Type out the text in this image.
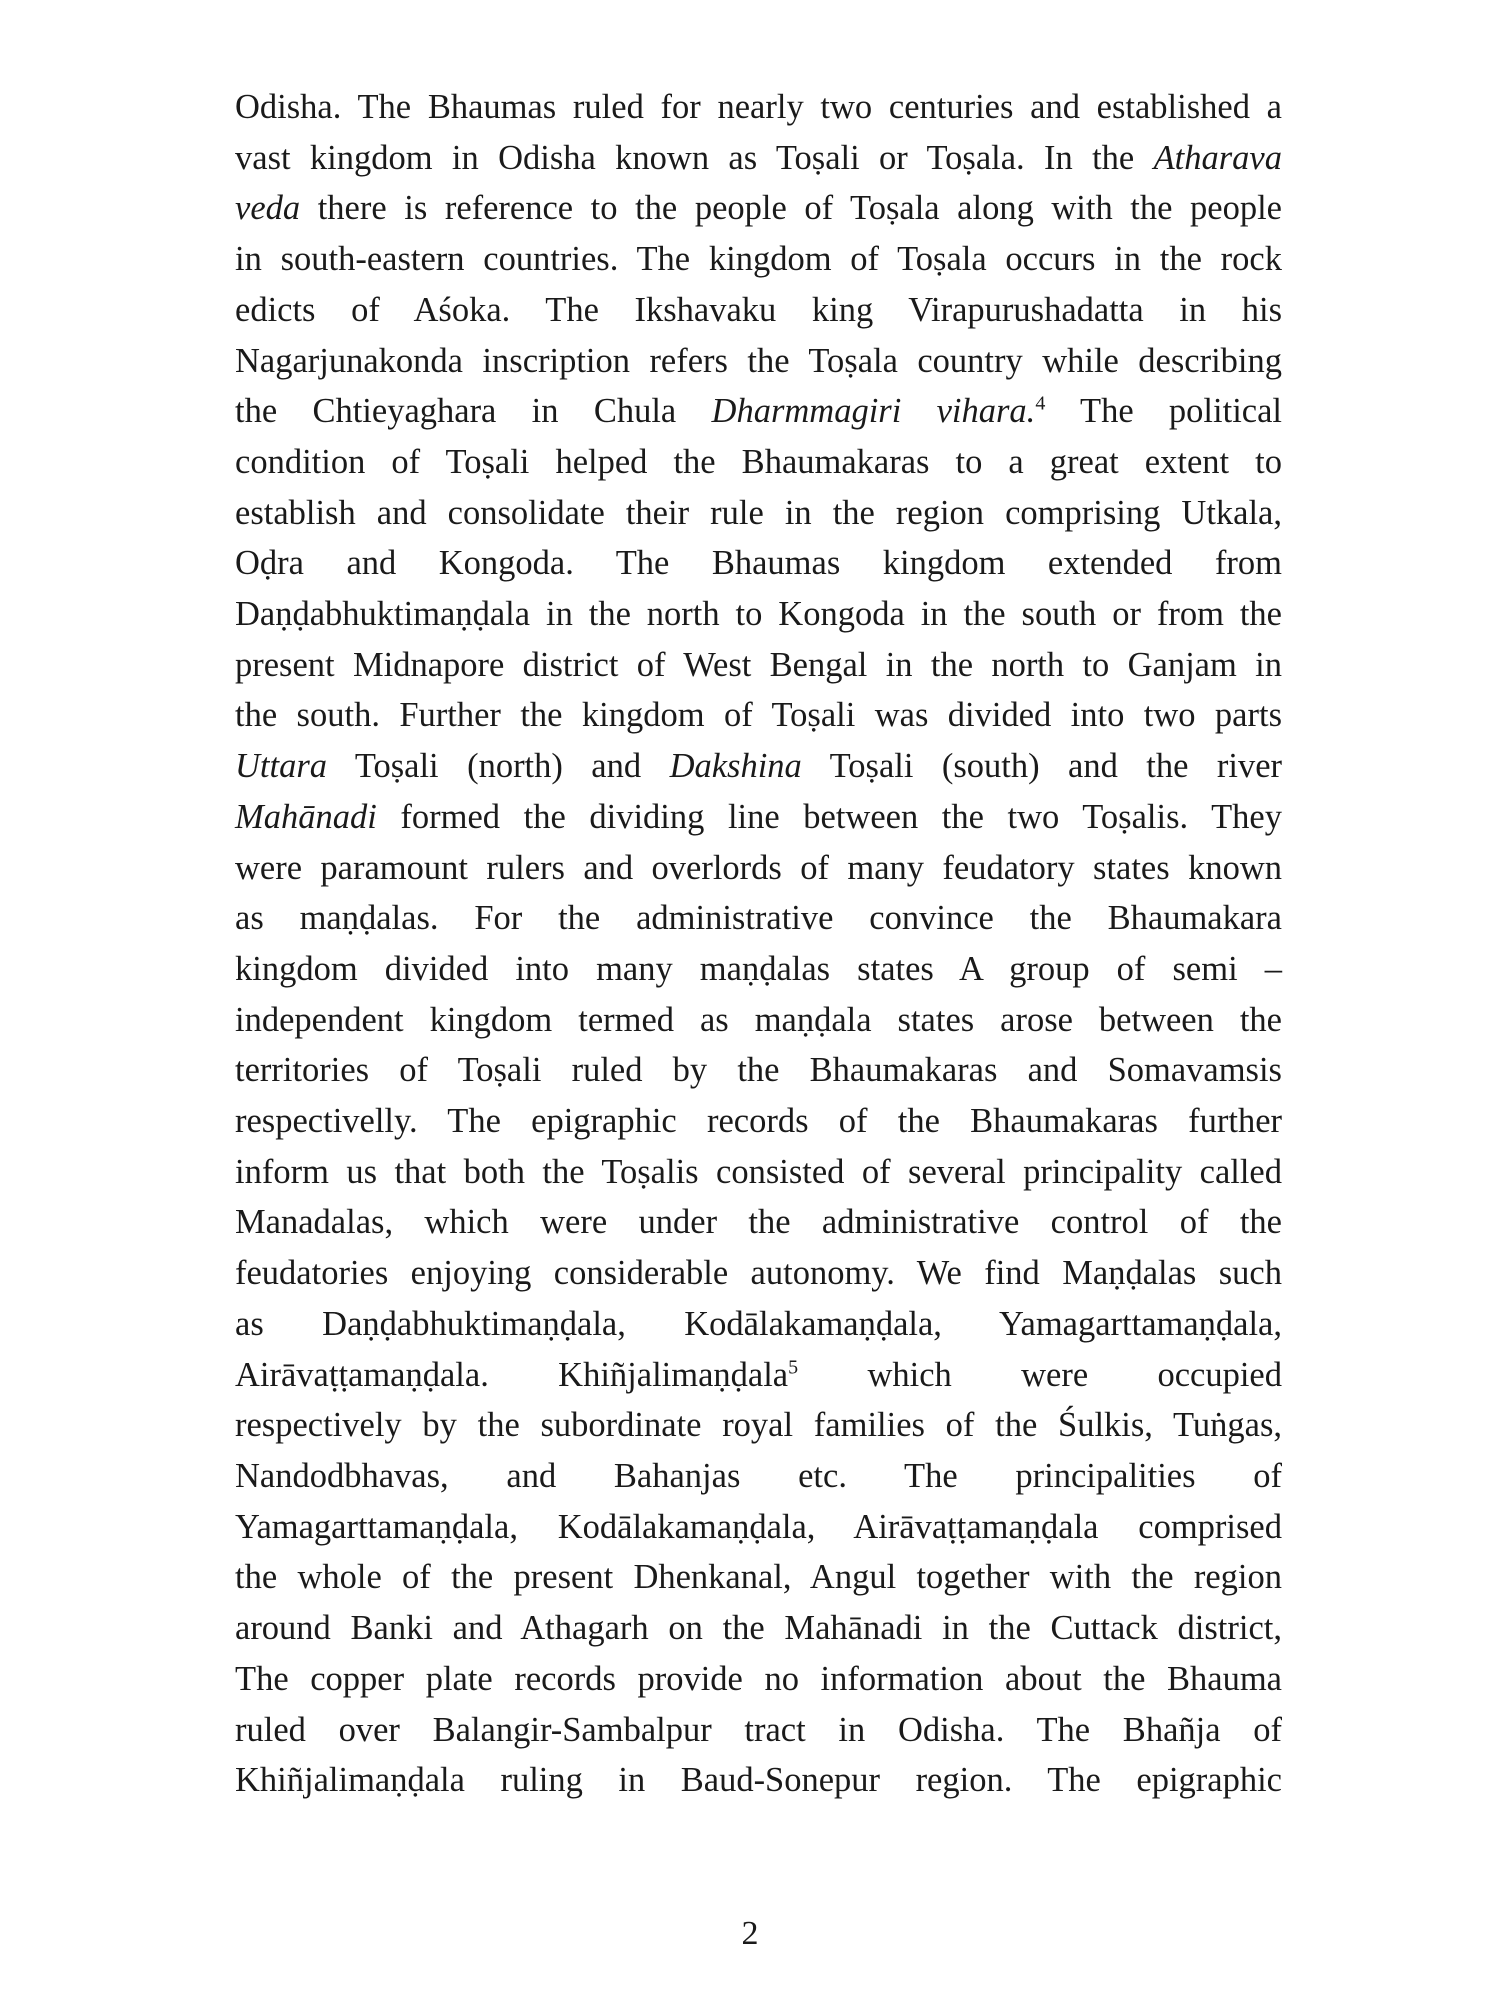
Odisha. The Bhaumas ruled for nearly two centuries and established a
vast kingdom in Odisha known as Toṣali or Toṣala. In the Atharava
veda there is reference to the people of Toṣala along with the people
in south-eastern countries. The kingdom of Toṣala occurs in the rock
edicts of Aśoka. The Ikshavaku king Virapurushadatta in his
Nagarjunakonda inscription refers the Toṣala country while describing
the Chtieyaghara in Chula Dharmmagiri vihara.$^4$ The political
condition of Toṣali helped the Bhaumakaras to a great extent to
establish and consolidate their rule in the region comprising Utkala,
Oḍra and Kongoda. The Bhaumas kingdom extended from
Daṇḍabhuktimaṇḍala in the north to Kongoda in the south or from the
present Midnapore district of West Bengal in the north to Ganjam in
the south. Further the kingdom of Toṣali was divided into two parts
Uttara Toṣali (north) and Dakshina Toṣali (south) and the river
Mahānadi formed the dividing line between the two Toṣalis. They
were paramount rulers and overlords of many feudatory states known
as maṇḍalas. For the administrative convince the Bhaumakara
kingdom divided into many maṇḍalas states A group of semi –
independent kingdom termed as maṇḍala states arose between the
territories of Toṣali ruled by the Bhaumakaras and Somavamsis
respectivelly. The epigraphic records of the Bhaumakaras further
inform us that both the Toṣalis consisted of several principality called
Manadalas, which were under the administrative control of the
feudatories enjoying considerable autonomy. We find Maṇḍalas such
as Daṇḍabhuktimaṇḍala, Kodālakamaṇḍala, Yamagarttamaṇḍala,
Airāvaṭṭamaṇḍala. Khiñjalimaṇḍala$^5$ which were occupied
respectively by the subordinate royal families of the Śulkis, Tuṅgas,
Nandodbhavas, and Bahanjas etc. The principalities of
Yamagarttamaṇḍala, Kodālakamaṇḍala, Airāvaṭṭamaṇḍala comprised
the whole of the present Dhenkanal, Angul together with the region
around Banki and Athagarh on the Mahānadi in the Cuttack district,
The copper plate records provide no information about the Bhauma
ruled over Balangir-Sambalpur tract in Odisha. The Bhañja of
Khiñjalimaṇḍala ruling in Baud-Sonepur region. The epigraphic
2
